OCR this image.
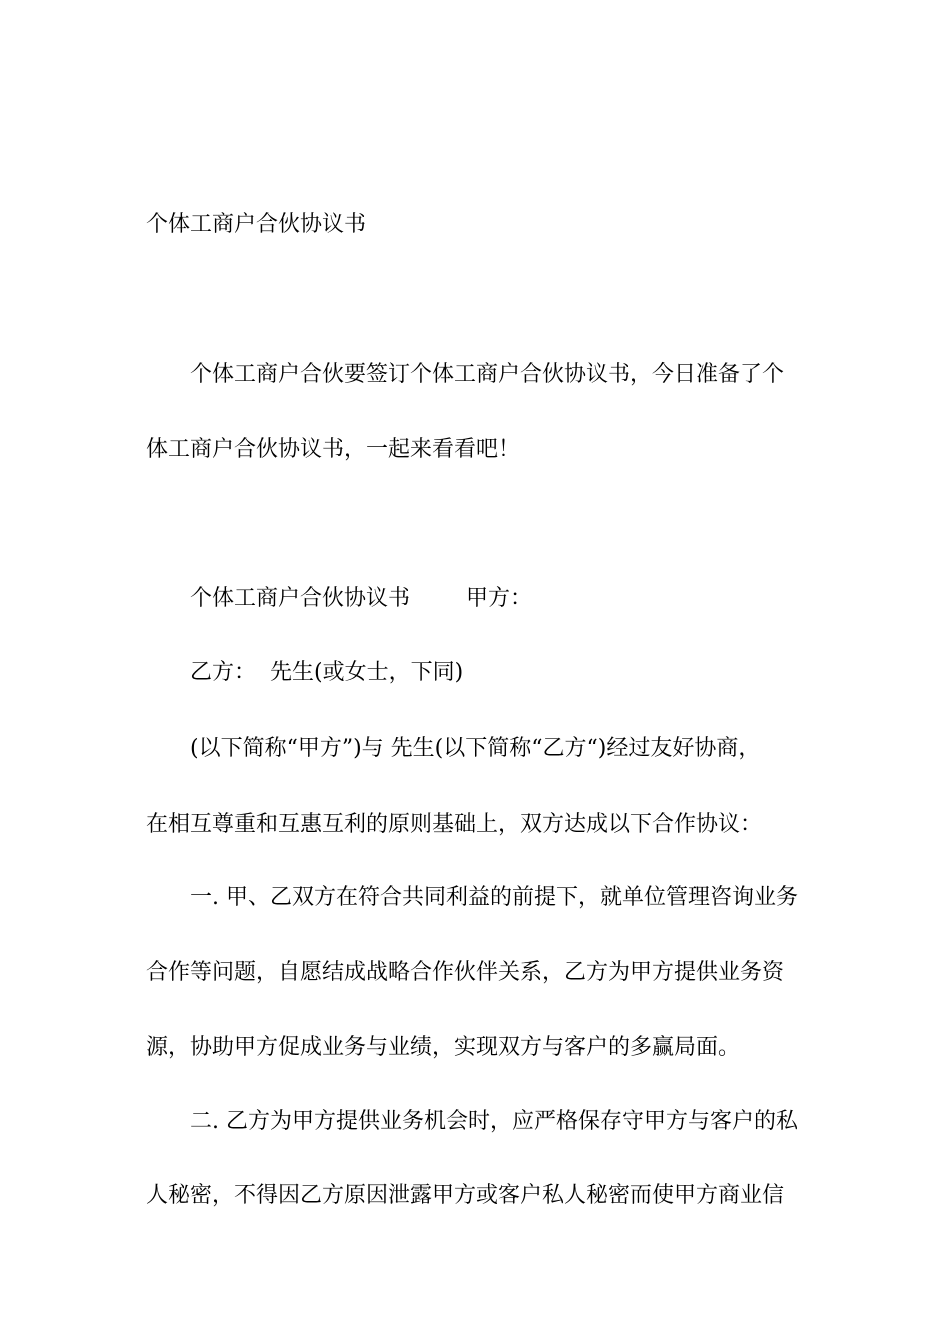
个体工商户合伙协议书
个体工商户合伙要签订个体工商户合伙协议书，今日准备了个
体工商户合伙协议书，一起来看看吧！
个体工商户合伙协议书        甲方：
乙方：  先生(或女士，下同)
(以下简称“甲方”)与 先生(以下简称“乙方“)经过友好协商，
在相互尊重和互惠互利的原则基础上，双方达成以下合作协议：
一. 甲、乙双方在符合共同利益的前提下，就单位管理咨询业务
合作等问题，自愿结成战略合作伙伴关系，乙方为甲方提供业务资
源，协助甲方促成业务与业绩，实现双方与客户的多赢局面。
二. 乙方为甲方提供业务机会时，应严格保存守甲方与客户的私
人秘密，不得因乙方原因泄露甲方或客户私人秘密而使甲方商业信
